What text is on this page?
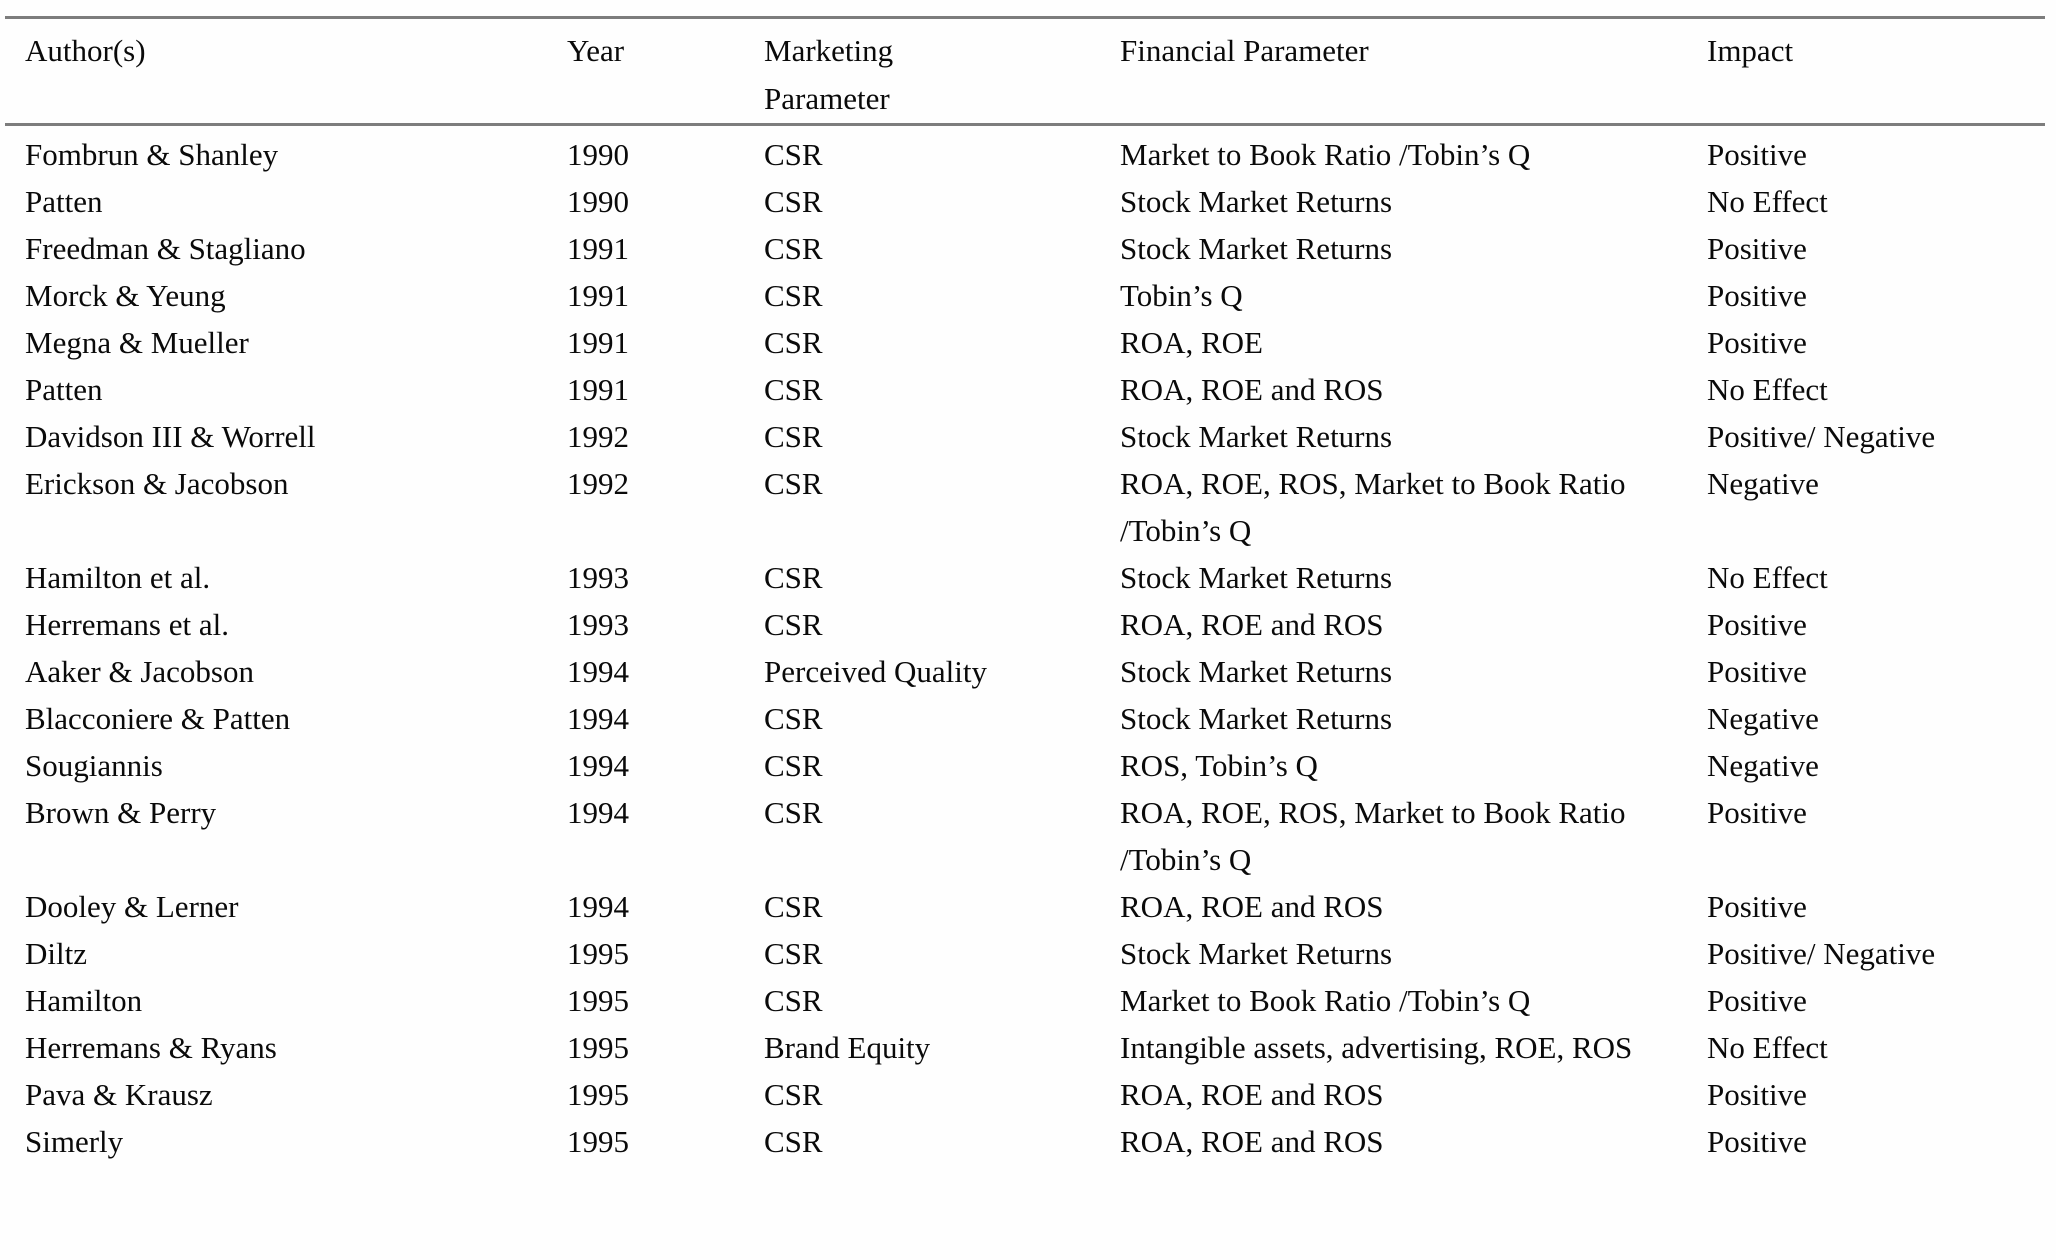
Author(s)	Year	Marketing Parameter	Financial Parameter	Impact
Fombrun & Shanley	1990	CSR	Market to Book Ratio /Tobin’s Q	Positive
Patten	1990	CSR	Stock Market Returns	No Effect
Freedman & Stagliano	1991	CSR	Stock Market Returns	Positive
Morck & Yeung	1991	CSR	Tobin’s Q	Positive
Megna & Mueller	1991	CSR	ROA, ROE	Positive
Patten	1991	CSR	ROA, ROE and ROS	No Effect
Davidson III & Worrell	1992	CSR	Stock Market Returns	Positive/ Negative
Erickson & Jacobson	1992	CSR	ROA, ROE, ROS, Market to Book Ratio /Tobin’s Q	Negative
Hamilton et al.	1993	CSR	Stock Market Returns	No Effect
Herremans et al.	1993	CSR	ROA, ROE and ROS	Positive
Aaker & Jacobson	1994	Perceived Quality	Stock Market Returns	Positive
Blacconiere & Patten	1994	CSR	Stock Market Returns	Negative
Sougiannis	1994	CSR	ROS, Tobin’s Q	Negative
Brown & Perry	1994	CSR	ROA, ROE, ROS, Market to Book Ratio /Tobin’s Q	Positive
Dooley & Lerner	1994	CSR	ROA, ROE and ROS	Positive
Diltz	1995	CSR	Stock Market Returns	Positive/ Negative
Hamilton	1995	CSR	Market to Book Ratio /Tobin’s Q	Positive
Herremans & Ryans	1995	Brand Equity	Intangible assets, advertising, ROE, ROS	No Effect
Pava & Krausz	1995	CSR	ROA, ROE and ROS	Positive
Simerly	1995	CSR	ROA, ROE and ROS	Positive
